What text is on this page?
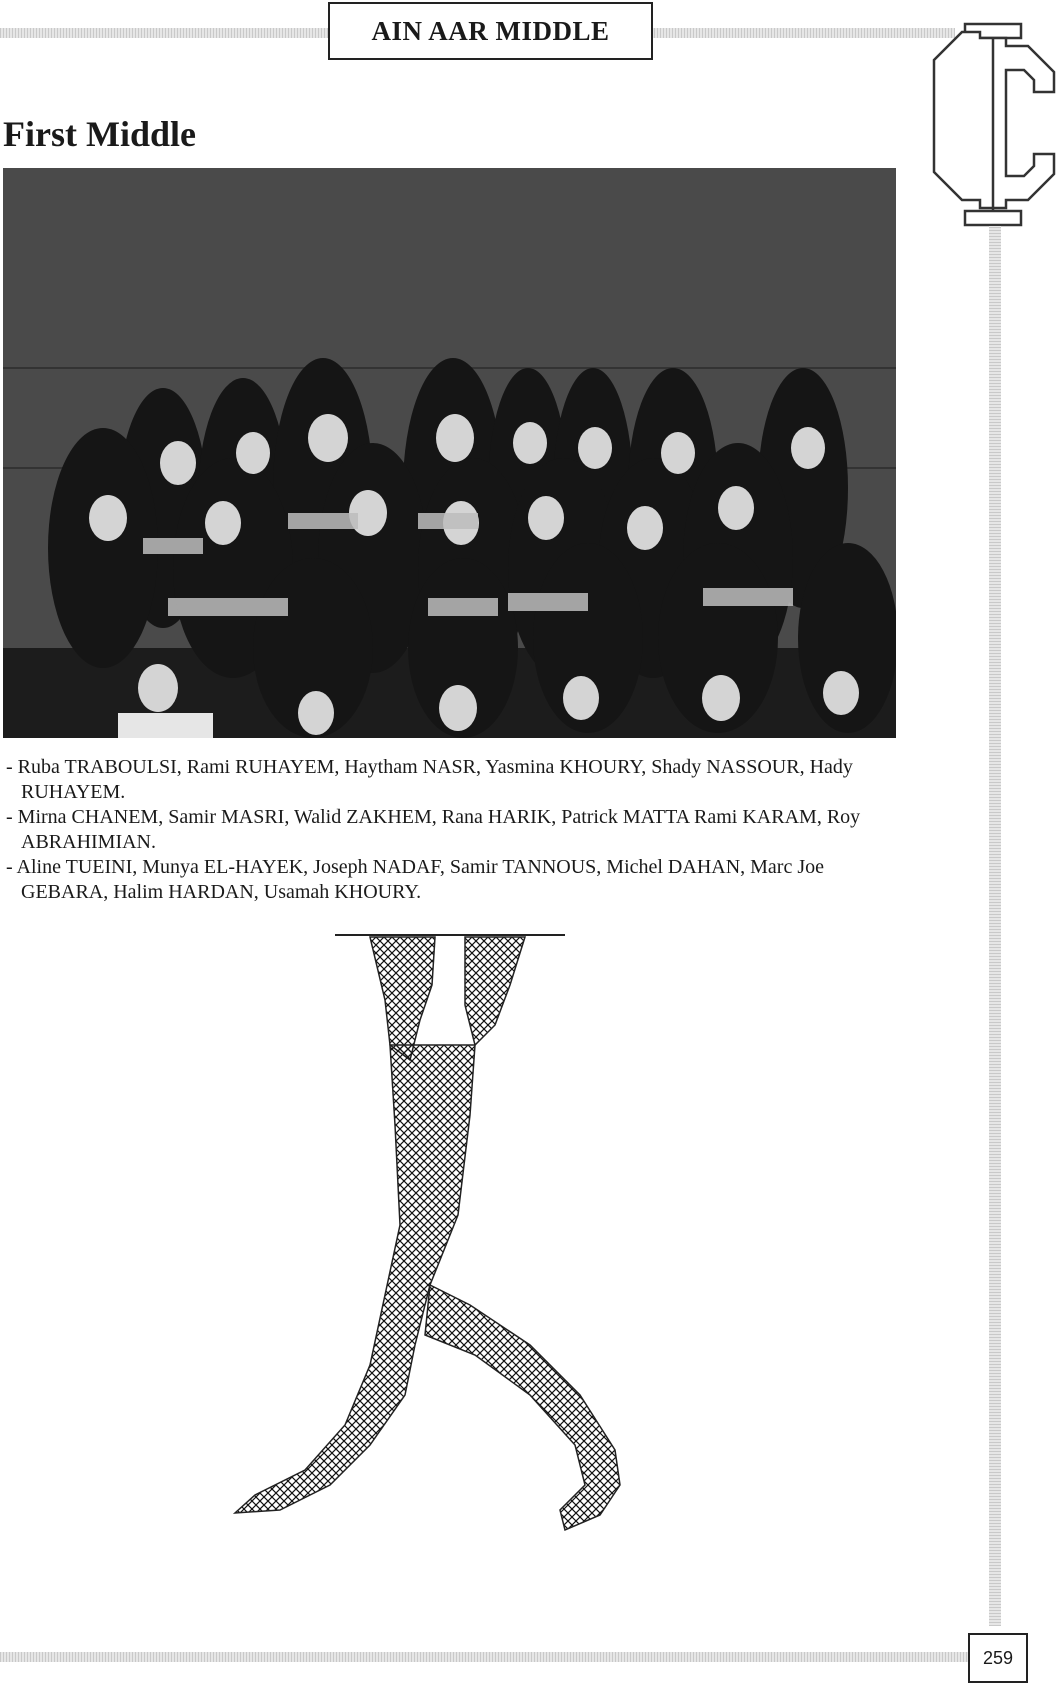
AIN AAR MIDDLE
First Middle
- Ruba TRABOULSI, Rami RUHAYEM, Haytham NASR, Yasmina KHOURY, Shady NASSOUR, Hady RUHAYEM.
- Mirna CHANEM, Samir MASRI, Walid ZAKHEM, Rana HARIK, Patrick MATTA Rami KARAM, Roy ABRAHIMIAN.
- Aline TUEINI, Munya EL-HAYEK, Joseph NADAF, Samir TANNOUS, Michel DAHAN, Marc Joe GEBARA, Halim HARDAN, Usamah KHOURY.
259
